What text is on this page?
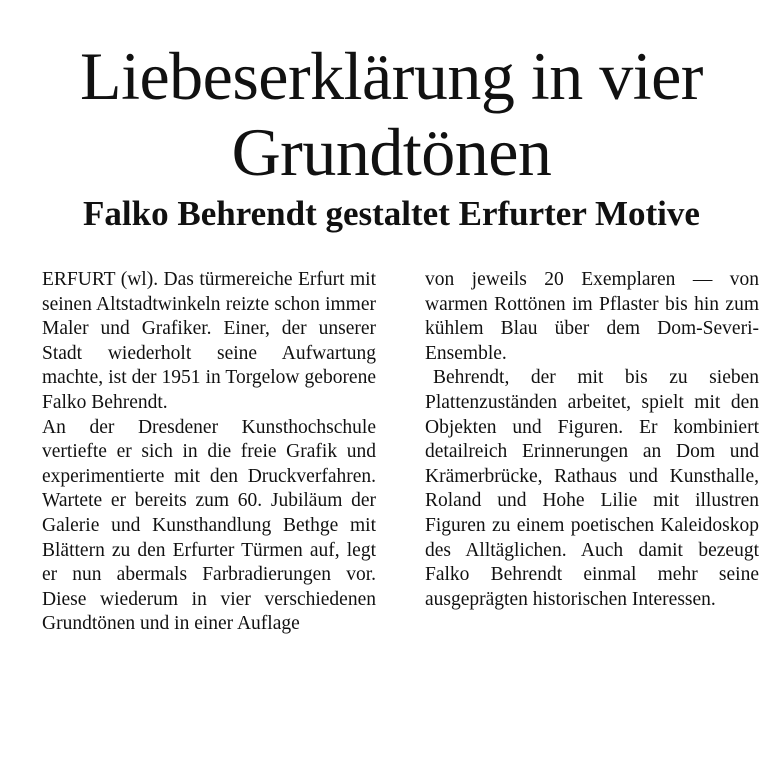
Liebeserklärung in vier Grundtönen
Falko Behrendt gestaltet Erfurter Motive

ERFURT (wl). Das türmereiche Erfurt mit seinen Altstadtwinkeln reizte schon immer Maler und Grafiker. Einer, der unserer Stadt wiederholt seine Aufwartung machte, ist der 1951 in Torgelow geborene Falko Behrendt.

An der Dresdener Kunsthochschule vertiefte er sich in die freie Grafik und experimentierte mit den Druckverfahren. Wartete er bereits zum 60. Jubiläum der Galerie und Kunsthandlung Bethge mit Blättern zu den Erfurter Türmen auf, legt er nun abermals Farbradierungen vor. Diese wiederum in vier verschiedenen Grundtönen und in einer Auflage

von jeweils 20 Exemplaren — von warmen Rottönen im Pflaster bis hin zum kühlem Blau über dem Dom-Severi-Ensemble.

Behrendt, der mit bis zu sieben Plattenzuständen arbeitet, spielt mit den Objekten und Figuren. Er kombiniert detailreich Erinnerungen an Dom und Krämerbrücke, Rathaus und Kunsthalle, Roland und Hohe Lilie mit illustren Figuren zu einem poetischen Kaleidoskop des Alltäglichen. Auch damit bezeugt Falko Behrendt einmal mehr seine ausgeprägten historischen Interessen.
